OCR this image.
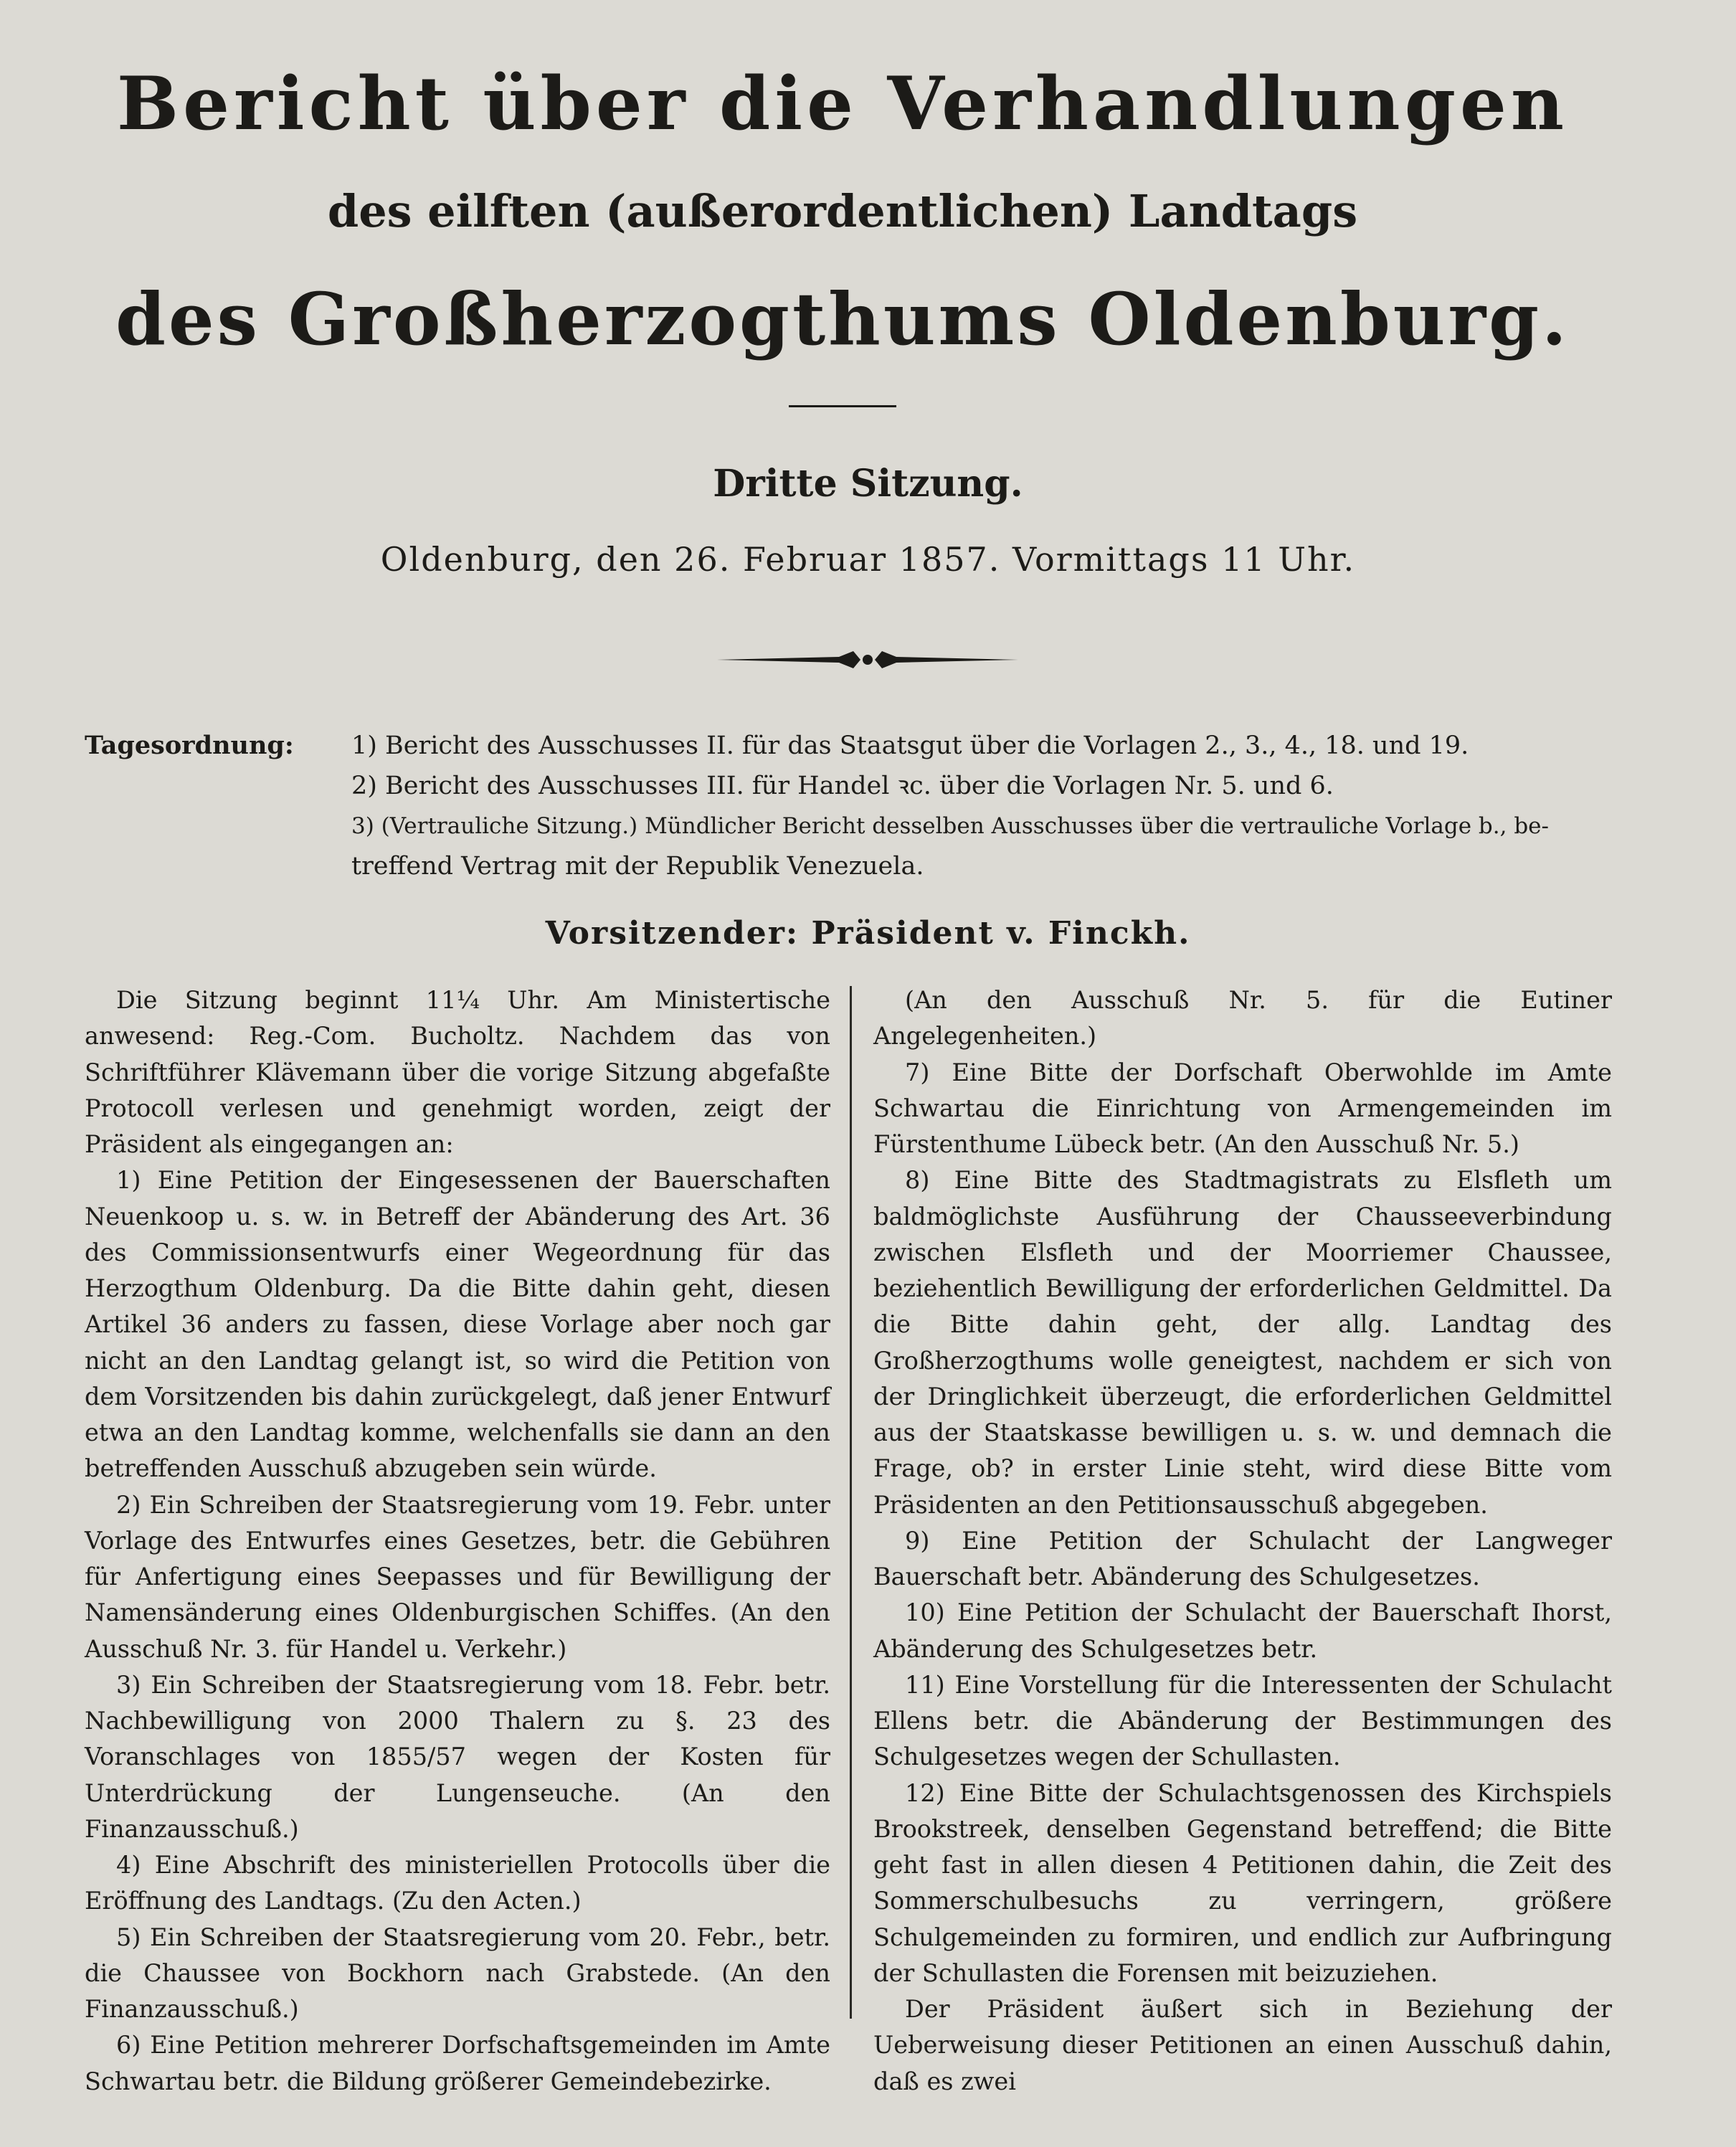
Bericht über die Verhandlungen
des eilften (außerordentlichen) Landtags
des Großherzogthums Oldenburg.
Dritte Sitzung.
Oldenburg, den 26. Februar 1857. Vormittags 11 Uhr.
Tagesordnung: 1) Bericht des Ausschusses II. für das Staatsgut über die Vorlagen 2., 3., 4., 18. und 19.
2) Bericht des Ausschusses III. für Handel ꝛc. über die Vorlagen Nr. 5. und 6.
3) (Vertrauliche Sitzung.) Mündlicher Bericht desselben Ausschusses über die vertrauliche Vorlage b., be-
treffend Vertrag mit der Republik Venezuela.
Vorsitzender: Präsident v. Finckh.

Die Sitzung beginnt 11¼ Uhr. Am Ministertische anwesend: Reg.-Com. Bucholtz. Nachdem das von Schriftführer Klävemann über die vorige Sitzung abgefaßte Protocoll verlesen und genehmigt worden, zeigt der Präsident als eingegangen an:

1) Eine Petition der Eingesessenen der Bauerschaften Neuenkoop u. s. w. in Betreff der Abänderung des Art. 36 des Commissionsentwurfs einer Wegeordnung für das Herzogthum Oldenburg. Da die Bitte dahin geht, diesen Artikel 36 anders zu fassen, diese Vorlage aber noch gar nicht an den Landtag gelangt ist, so wird die Petition von dem Vorsitzenden bis dahin zurückgelegt, daß jener Entwurf etwa an den Landtag komme, welchenfalls sie dann an den betreffenden Ausschuß abzugeben sein würde.

2) Ein Schreiben der Staatsregierung vom 19. Febr. unter Vorlage des Entwurfes eines Gesetzes, betr. die Gebühren für Anfertigung eines Seepasses und für Bewilligung der Namensänderung eines Oldenburgischen Schiffes. (An den Ausschuß Nr. 3. für Handel u. Verkehr.)

3) Ein Schreiben der Staatsregierung vom 18. Febr. betr. Nachbewilligung von 2000 Thalern zu §. 23 des Voranschlages von 1855/57 wegen der Kosten für Unterdrückung der Lungenseuche. (An den Finanzausschuß.)

4) Eine Abschrift des ministeriellen Protocolls über die Eröffnung des Landtags. (Zu den Acten.)

5) Ein Schreiben der Staatsregierung vom 20. Febr., betr. die Chaussee von Bockhorn nach Grabstede. (An den Finanzausschuß.)

6) Eine Petition mehrerer Dorfschaftsgemeinden im Amte Schwartau betr. die Bildung größerer Gemeindebezirke.

(An den Ausschuß Nr. 5. für die Eutiner Angelegenheiten.)

7) Eine Bitte der Dorfschaft Oberwohlde im Amte Schwartau die Einrichtung von Armengemeinden im Fürstenthume Lübeck betr. (An den Ausschuß Nr. 5.)

8) Eine Bitte des Stadtmagistrats zu Elsfleth um baldmöglichste Ausführung der Chausseeverbindung zwischen Elsfleth und der Moorriemer Chaussee, beziehentlich Bewilligung der erforderlichen Geldmittel. Da die Bitte dahin geht, der allg. Landtag des Großherzogthums wolle geneigtest, nachdem er sich von der Dringlichkeit überzeugt, die erforderlichen Geldmittel aus der Staatskasse bewilligen u. s. w. und demnach die Frage, ob? in erster Linie steht, wird diese Bitte vom Präsidenten an den Petitionsausschuß abgegeben.

9) Eine Petition der Schulacht der Langweger Bauerschaft betr. Abänderung des Schulgesetzes.

10) Eine Petition der Schulacht der Bauerschaft Ihorst, Abänderung des Schulgesetzes betr.

11) Eine Vorstellung für die Interessenten der Schulacht Ellens betr. die Abänderung der Bestimmungen des Schulgesetzes wegen der Schullasten.

12) Eine Bitte der Schulachtsgenossen des Kirchspiels Brookstreek, denselben Gegenstand betreffend; die Bitte geht fast in allen diesen 4 Petitionen dahin, die Zeit des Sommerschulbesuchs zu verringern, größere Schulgemeinden zu formiren, und endlich zur Aufbringung der Schullasten die Forensen mit beizuziehen.

Der Präsident äußert sich in Beziehung der Ueberweisung dieser Petitionen an einen Ausschuß dahin, daß es zwei
